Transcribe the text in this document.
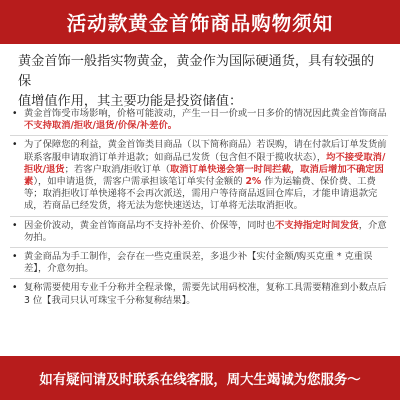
活动款黄金首饰商品购物须知

黄金首饰一般指实物黄金，黄金作为国际硬通货，具有较强的保

值增值作用，其主要功能是投资储值：

• 黄金首饰受市场影响，价格可能波动，产生一日一价或一日多价的情况因此黄金首饰商品不支持取消/拒收/退货/价保/补差价。
• 为了保障您的利益，黄金首饰类目商品（以下简称商品）若误购，请在付款后订单发货前联系客服申请取消订单并退款；如商品已发货（包含但不限于揽收状态），均不接受取消/拒收/退货；若客户取消/拒收订单（取消订单快递会第一时间拦截，取消后增加不确定因素），如申请退货，需客户需承担该笔订单实付金额的 2% 作为运输费、保价费、工费等；取消拒收订单快递将不会再次派送，需用户等待商品返回仓库后，才能申请退款完成，若商品已经发货，将无法为您快速送达，订单将无法取消拒收。
• 因金价波动，黄金首饰商品均不支持补差价、价保等，同时也不支持指定时间发货，介意勿拍。
• 黄金商品为手工制作，会存在一些克重误差，多退少补【实付金额/购买克重 * 克重误差】，介意勿拍。
• 复称需要使用专业千分称并全程录像，需要先试用码校准，复称工具需要精准到小数点后 3 位【我司只认可珠宝千分称复称结果】。
如有疑问请及时联系在线客服，周大生竭诚为您服务～
